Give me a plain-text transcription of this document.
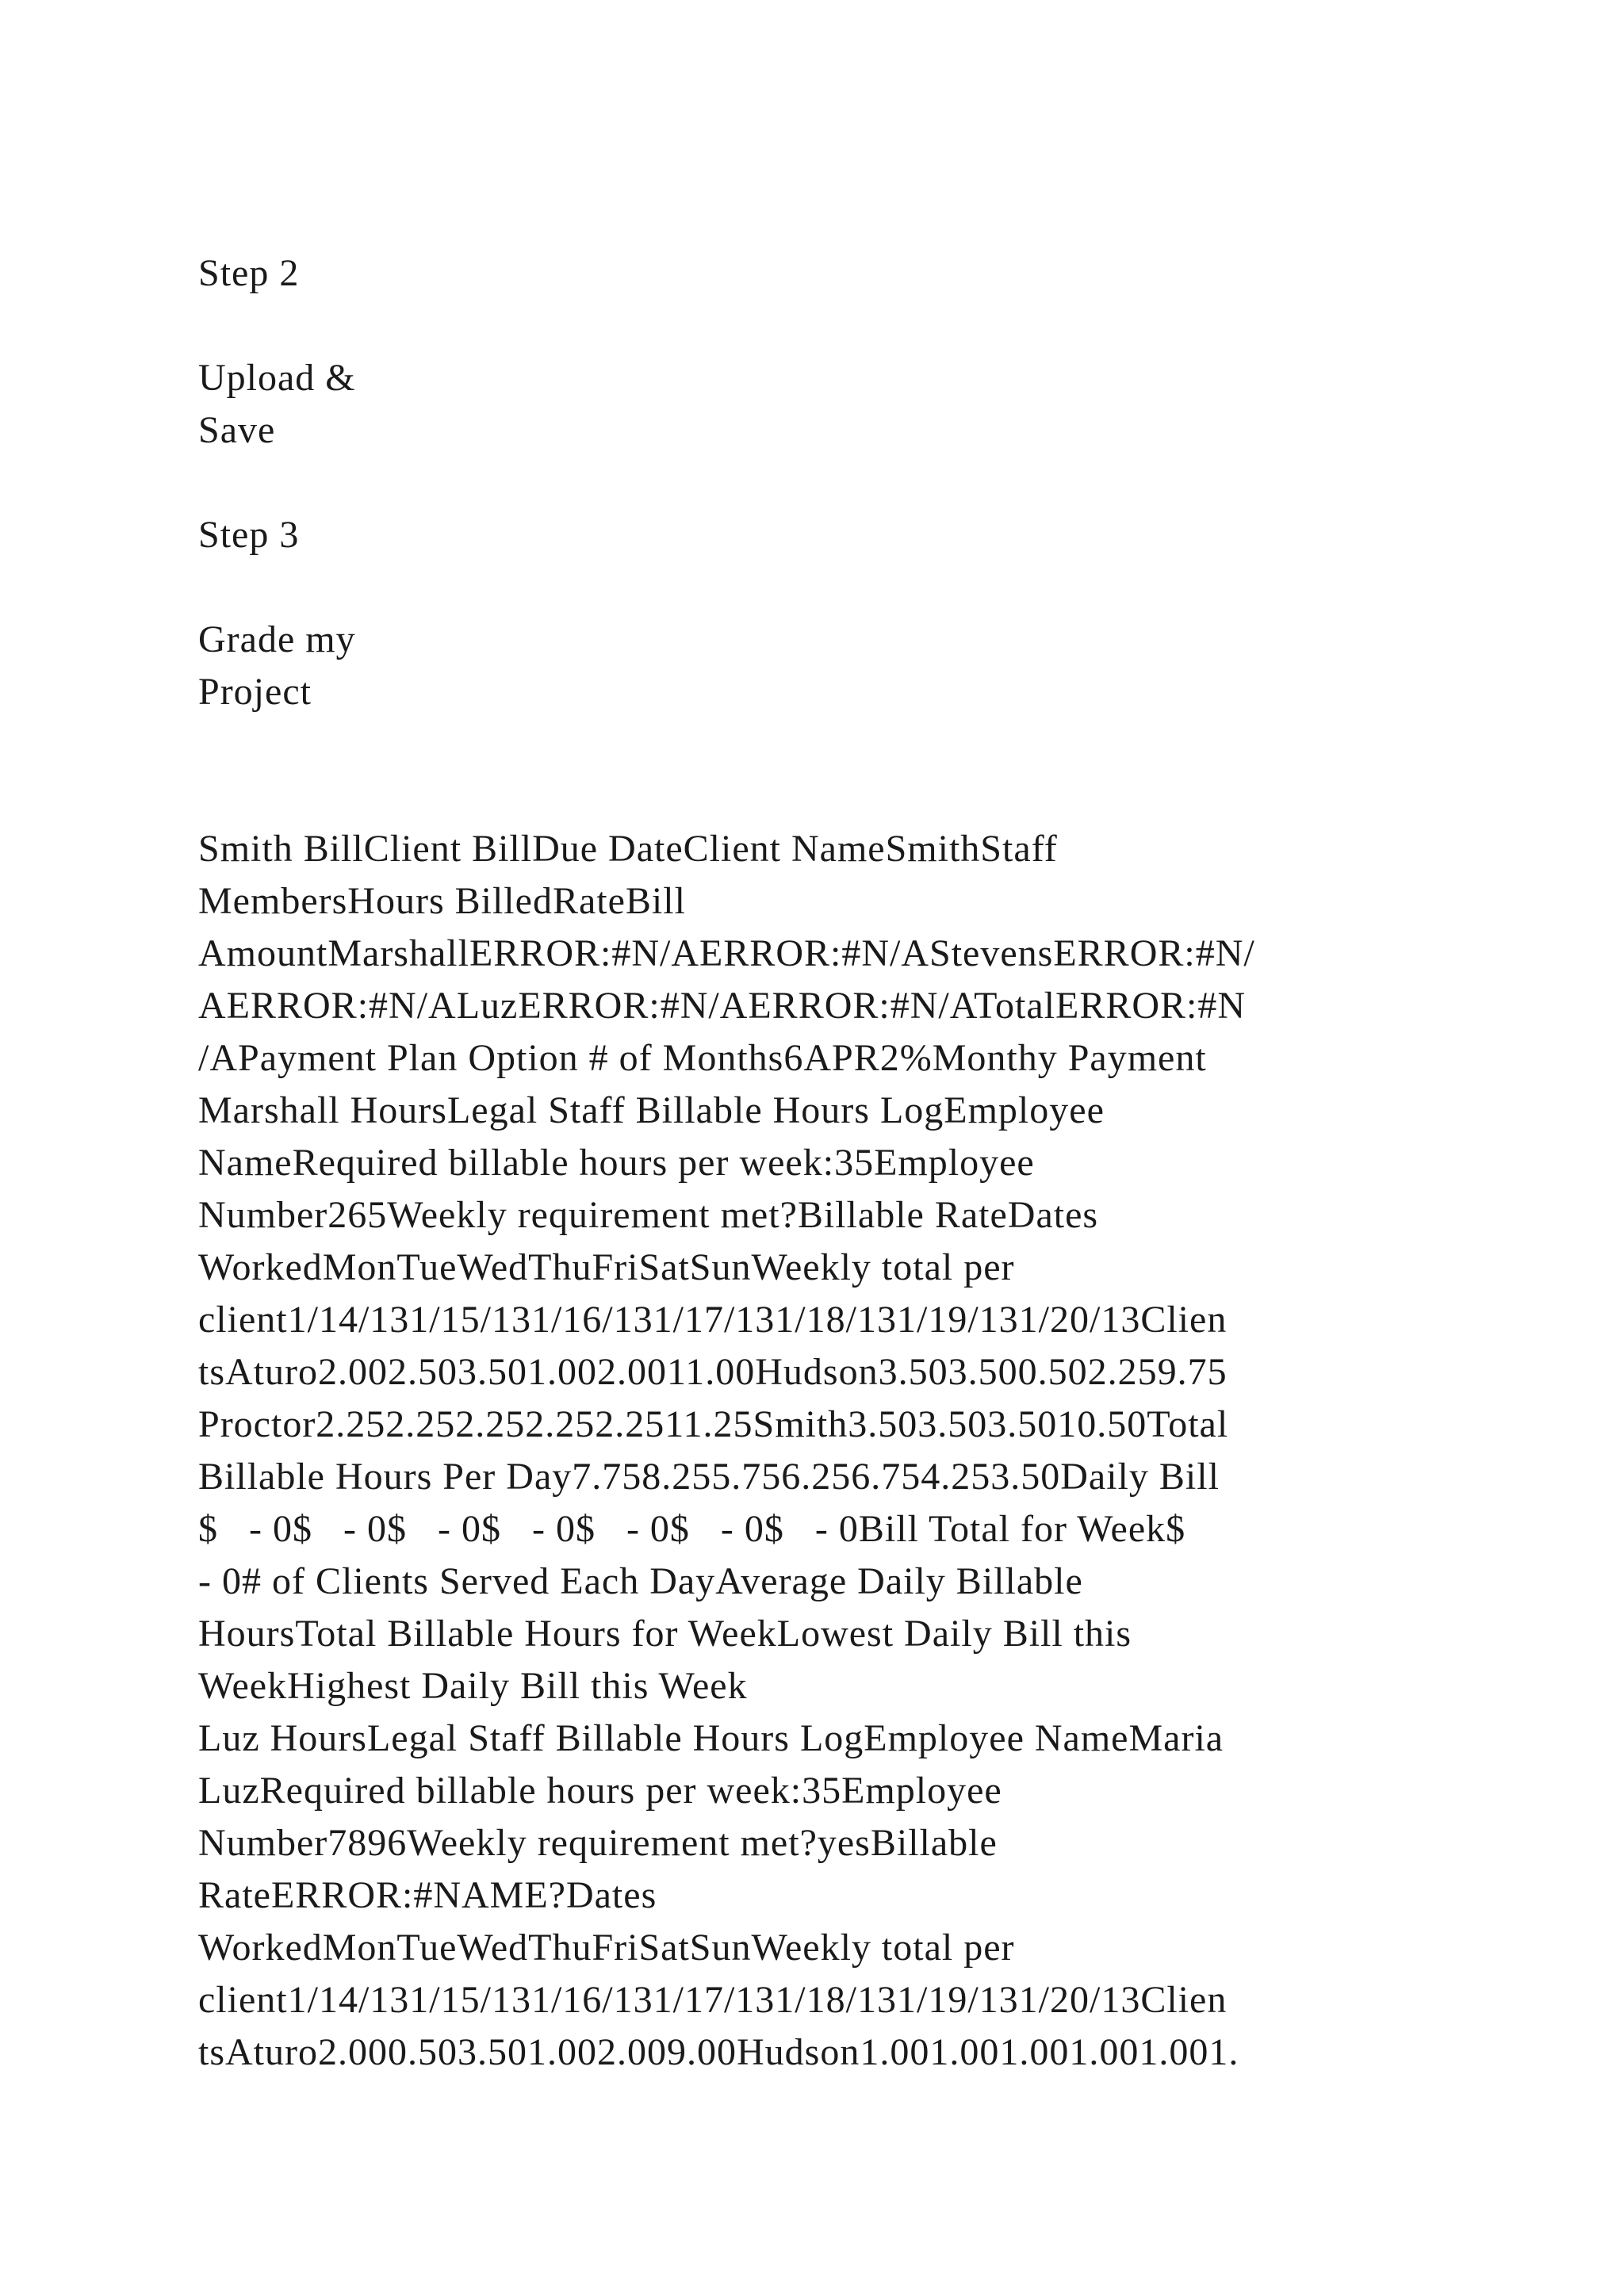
Step 2
Upload &
Save
Step 3
Grade my
Project
Smith BillClient BillDue DateClient NameSmithStaff
MembersHours BilledRateBill
AmountMarshallERROR:#N/AERROR:#N/AStevensERROR:#N/
AERROR:#N/ALuzERROR:#N/AERROR:#N/ATotalERROR:#N
/APayment Plan Option # of Months6APR2%Monthy Payment
Marshall HoursLegal Staff Billable Hours LogEmployee
NameRequired billable hours per week:35Employee
Number265Weekly requirement met?Billable RateDates
WorkedMonTueWedThuFriSatSunWeekly total per
client1/14/131/15/131/16/131/17/131/18/131/19/131/20/13Clien
tsAturo2.002.503.501.002.0011.00Hudson3.503.500.502.259.75
Proctor2.252.252.252.252.2511.25Smith3.503.503.5010.50Total
Billable Hours Per Day7.758.255.756.256.754.253.50Daily Bill
$   - 0$   - 0$   - 0$   - 0$   - 0$   - 0$   - 0Bill Total for Week$
- 0# of Clients Served Each DayAverage Daily Billable
HoursTotal Billable Hours for WeekLowest Daily Bill this
WeekHighest Daily Bill this Week
Luz HoursLegal Staff Billable Hours LogEmployee NameMaria
LuzRequired billable hours per week:35Employee
Number7896Weekly requirement met?yesBillable
RateERROR:#NAME?Dates
WorkedMonTueWedThuFriSatSunWeekly total per
client1/14/131/15/131/16/131/17/131/18/131/19/131/20/13Clien
tsAturo2.000.503.501.002.009.00Hudson1.001.001.001.001.001.
